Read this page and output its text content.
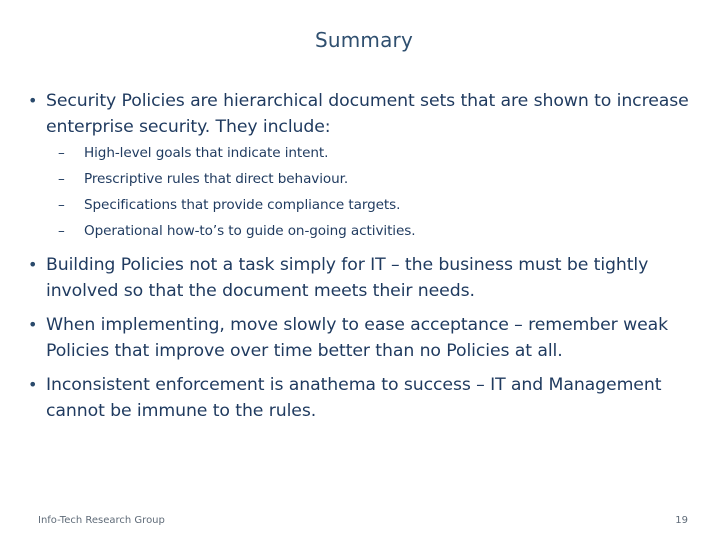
Summary
• Security Policies are hierarchical document sets that are shown to increase enterprise security. They include:
– High-level goals that indicate intent.
– Prescriptive rules that direct behaviour.
– Specifications that provide compliance targets.
– Operational how-to’s to guide on-going activities.
• Building Policies not a task simply for IT – the business must be tightly involved so that the document meets their needs.
• When implementing, move slowly to ease acceptance – remember weak Policies that improve over time better than no Policies at all.
• Inconsistent enforcement is anathema to success – IT and Management cannot be immune to the rules.
Info-Tech Research Group	19
